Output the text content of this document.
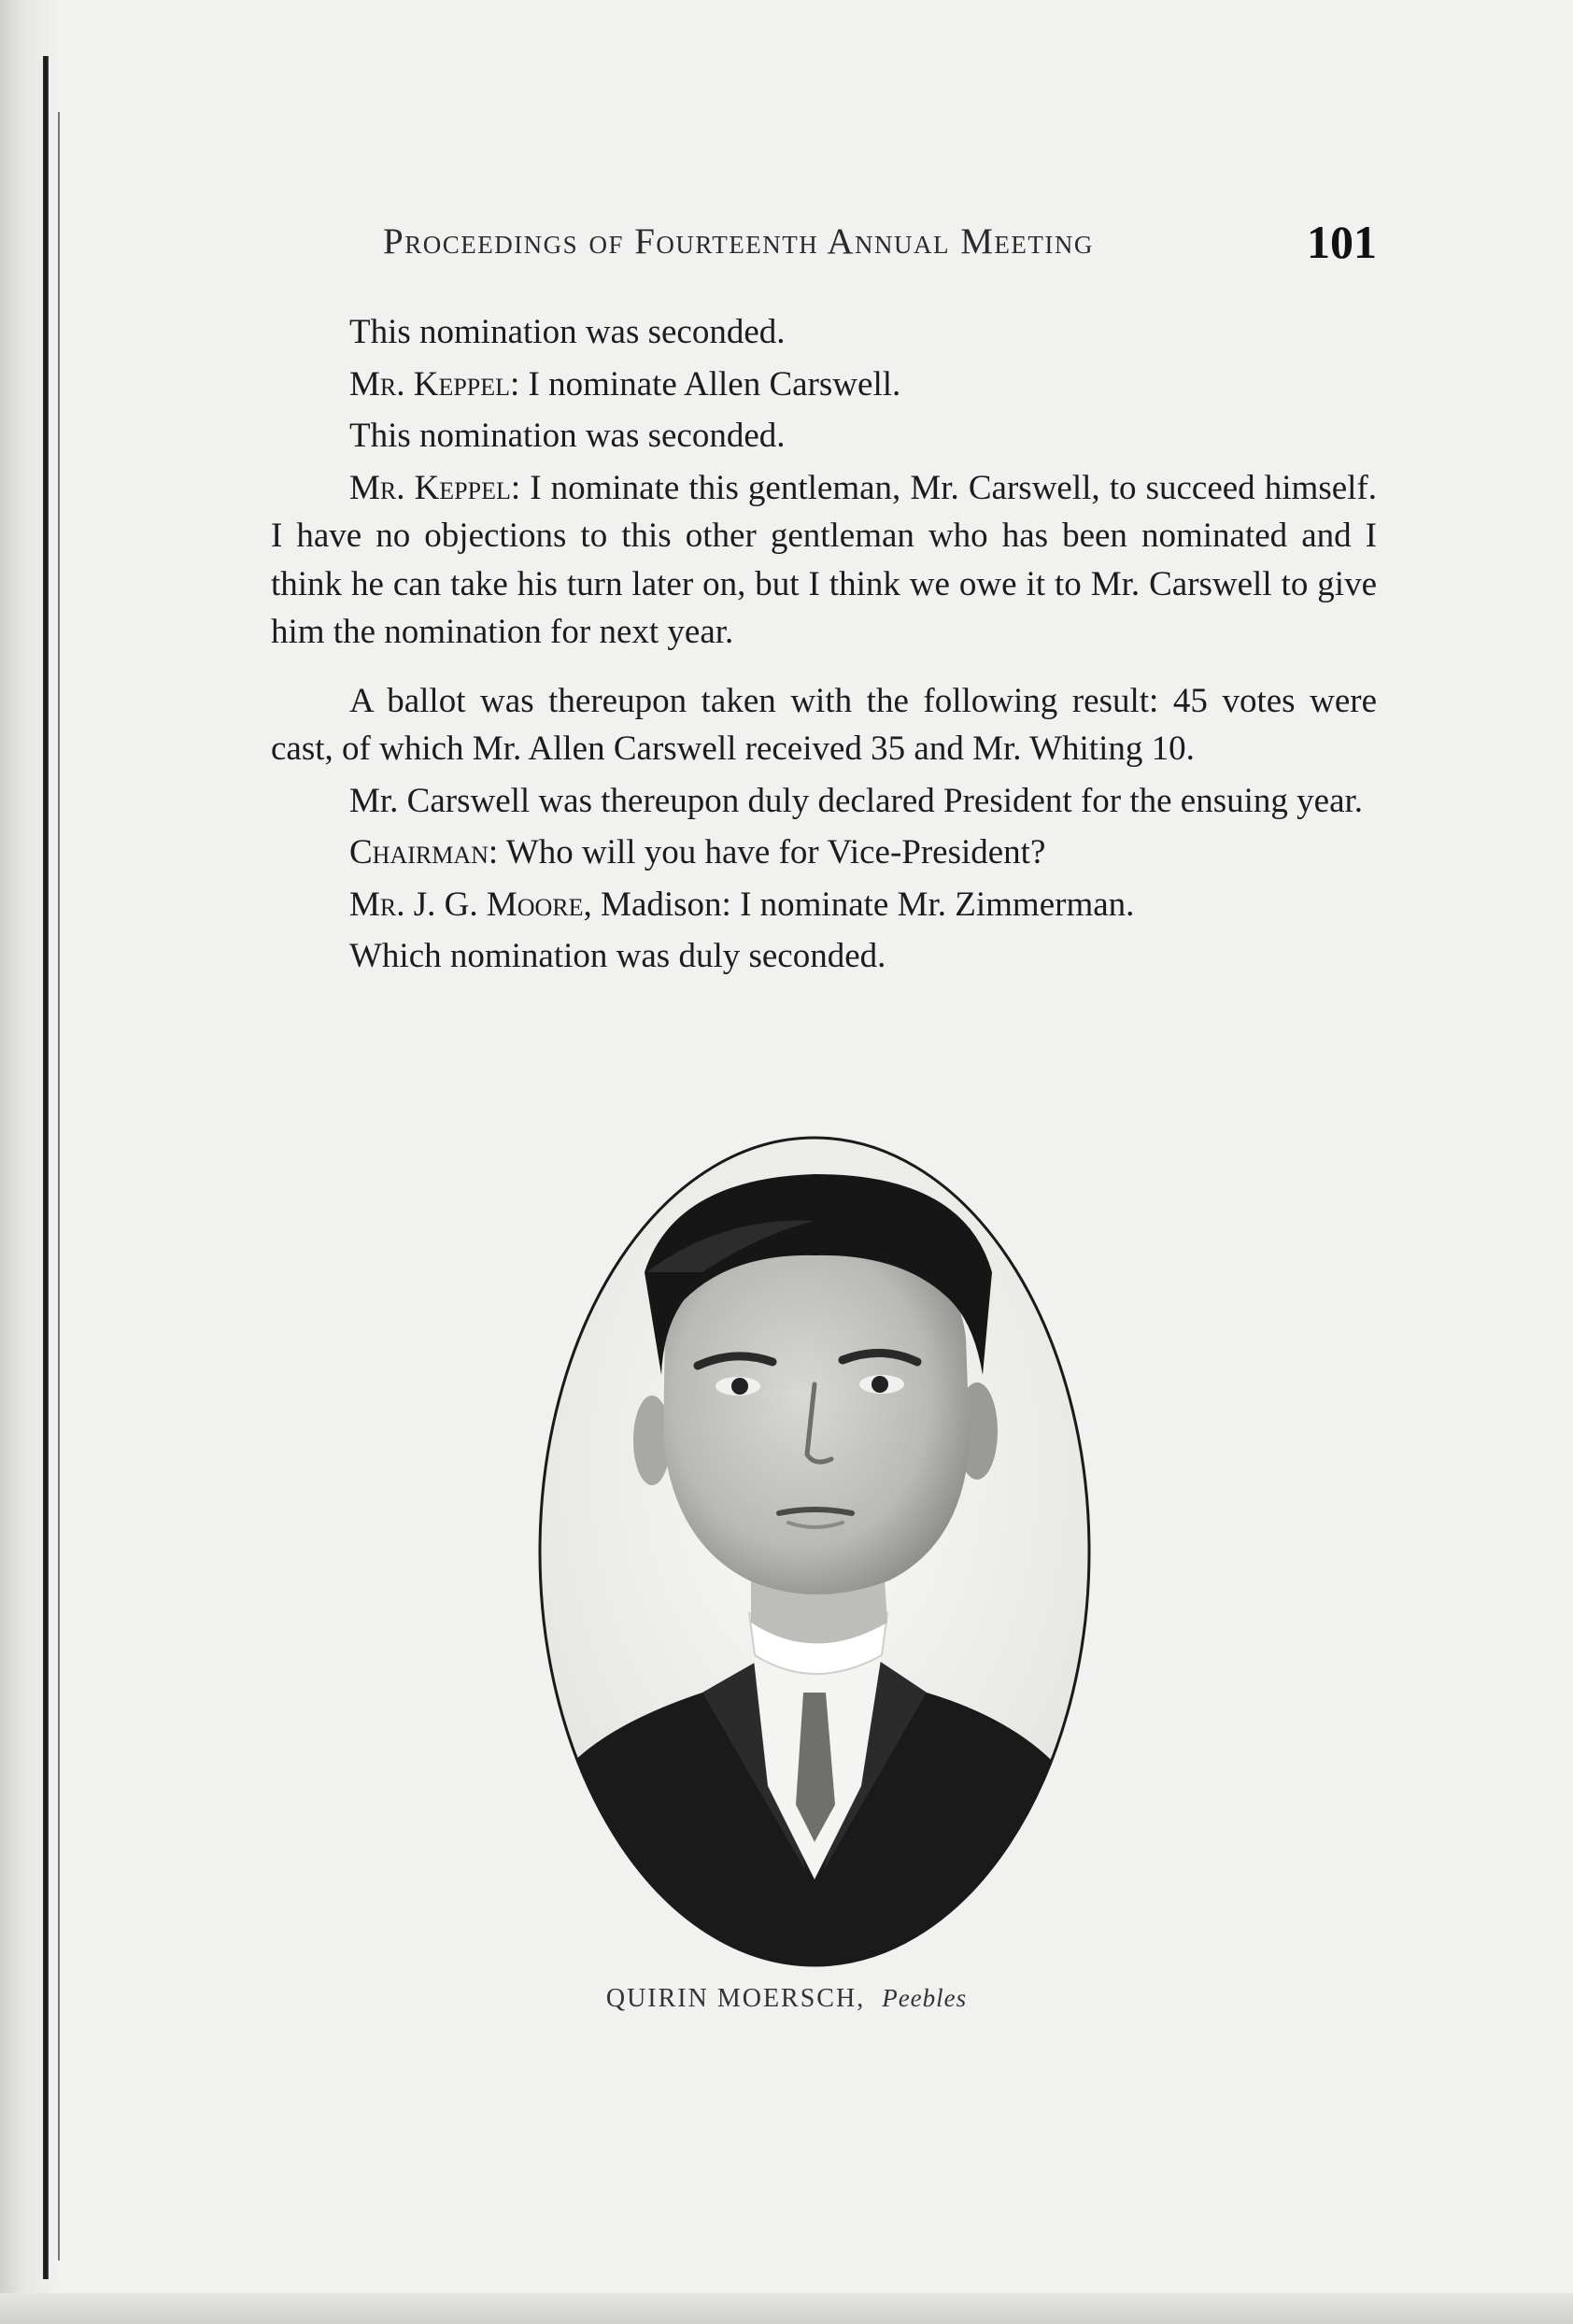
Proceedings of Fourteenth Annual Meeting	101

This nomination was seconded.

Mr. Keppel: I nominate Allen Carswell.

This nomination was seconded.

Mr. Keppel: I nominate this gentleman, Mr. Carswell, to succeed himself. I have no objections to this other gentleman who has been nominated and I think he can take his turn later on, but I think we owe it to Mr. Carswell to give him the nomination for next year.

A ballot was thereupon taken with the following result: 45 votes were cast, of which Mr. Allen Carswell received 35 and Mr. Whiting 10.

Mr. Carswell was thereupon duly declared President for the ensuing year.

Chairman: Who will you have for Vice-President?

Mr. J. G. Moore, Madison: I nominate Mr. Zimmerman.

Which nomination was duly seconded.

QUIRIN MOERSCH, Peebles
